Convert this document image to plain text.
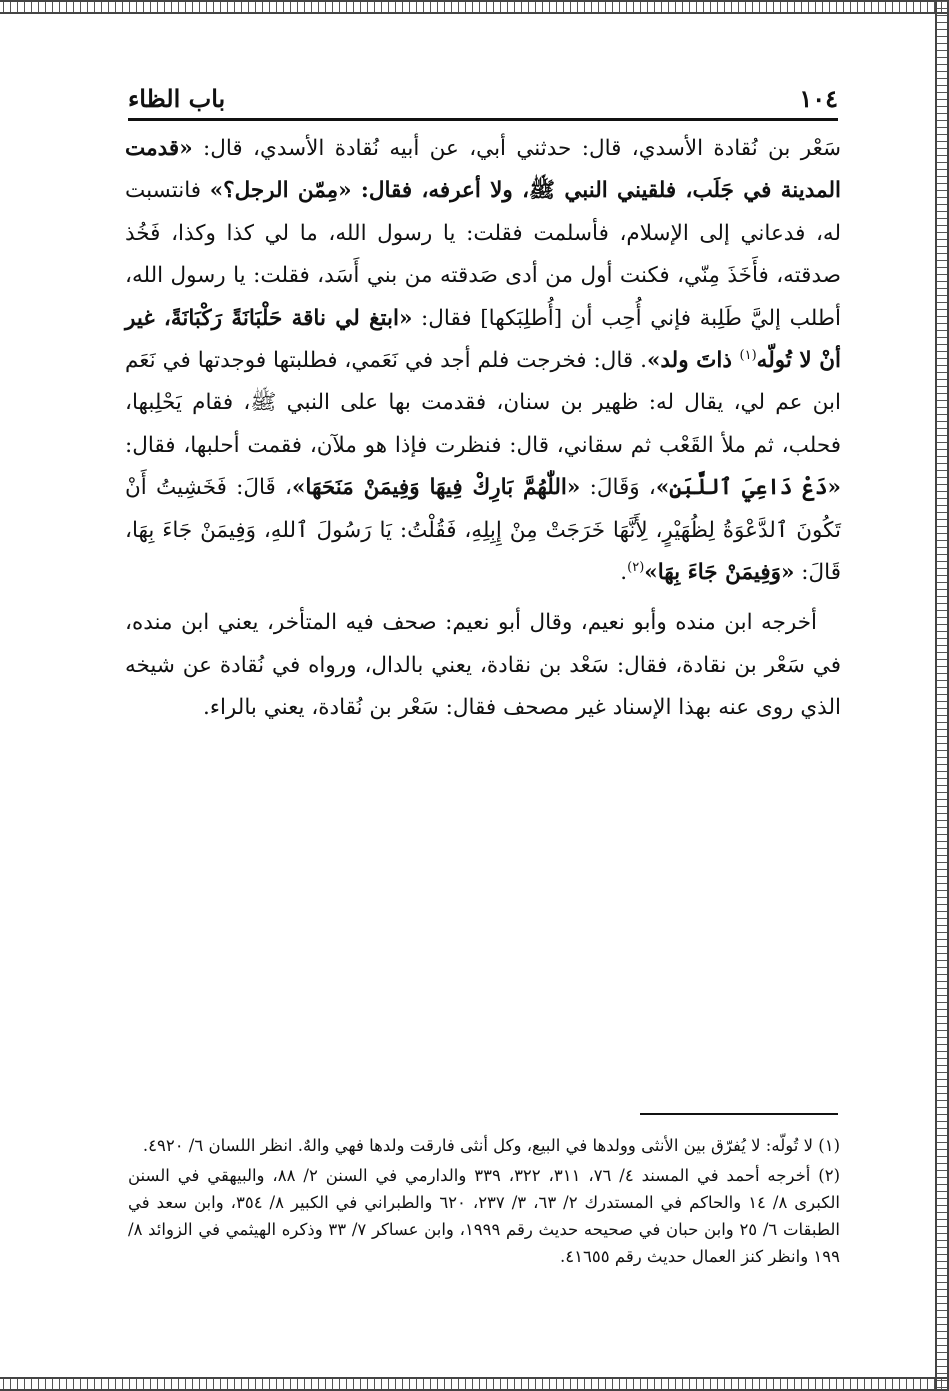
١٠٤
باب الظاء

سَعْر بن نُقادة الأسدي، قال: حدثني أبي، عن أبيه نُقادة الأسدي، قال: «قدمت المدينة في جَلَب، فلقيني النبي ﷺ، ولا أعرفه، فقال: «مِمّن الرجل؟» فانتسبت له، فدعاني إلى الإسلام، فأسلمت فقلت: يا رسول الله، ما لي كذا وكذا، فَخُذ صدقته، فأَخَذَ مِنّي، فكنت أول من أدى صَدقته من بني أَسَد، فقلت: يا رسول الله، أطلب إليَّ طَلِبة فإني أُحِب أن [أُطلِبَكها] فقال: «ابتغ لي ناقة حَلْبَانَةً رَكْبَانَةً، غير أنْ لا تُولّه$^{(١)}$ ذاتَ ولد». قال: فخرجت فلم أجد في نَعَمي، فطلبتها فوجدتها في نَعَم ابن عم لي، يقال له: ظهير بن سنان، فقدمت بها على النبي ﷺ، فقام يَحْلِبها، فحلب، ثم ملأ القَعْب ثم سقاني، قال: فنظرت فإذا هو ملآن، فقمت أحلبها، فقال: «دَعْ دَاعِيَ ٱللَّبَنِ»، وَقَالَ: «اللّٰهُمَّ بَارِكْ فِيهَا وَفِيمَنْ مَنَحَهَا»، قَالَ: فَخَشِيتُ أَنْ تَكُونَ ٱلدَّعْوَةُ لِظُهَيْرٍ، لِأَنَّهَا خَرَجَتْ مِنْ إِبِلِهِ، فَقُلْتُ: يَا رَسُولَ ٱللهِ، وَفِيمَنْ جَاءَ بِهَا، قَالَ: «وَفِيمَنْ جَاءَ بِهَا»$^{(٢)}$.

أخرجه ابن منده وأبو نعيم، وقال أبو نعيم: صحف فيه المتأخر، يعني ابن منده، في سَعْر بن نقادة، فقال: سَعْد بن نقادة، يعني بالدال، ورواه في نُقادة عن شيخه الذي روى عنه بهذا الإسناد غير مصحف فقال: سَعْر بن نُقادة، يعني بالراء.

(١) لا تُولّه: لا يُفرّق بين الأنثى وولدها في البيع، وكل أنثى فارقت ولدها فهي والهٌ. انظر اللسان ٦/ ٤٩٢٠.

(٢) أخرجه أحمد في المسند ٤/ ٧٦، ٣١١، ٣٢٢، ٣٣٩ والدارمي في السنن ٢/ ٨٨، والبيهقي في السنن الكبرى ٨/ ١٤ والحاكم في المستدرك ٢/ ٦٣، ٣/ ٢٣٧، ٦٢٠ والطبراني في الكبير ٨/ ٣٥٤، وابن سعد في الطبقات ٦/ ٢٥ وابن حبان في صحيحه حديث رقم ١٩٩٩، وابن عساكر ٧/ ٣٣ وذكره الهيثمي في الزوائد ٨/ ١٩٩ وانظر كنز العمال حديث رقم ٤١٦٥٥.
